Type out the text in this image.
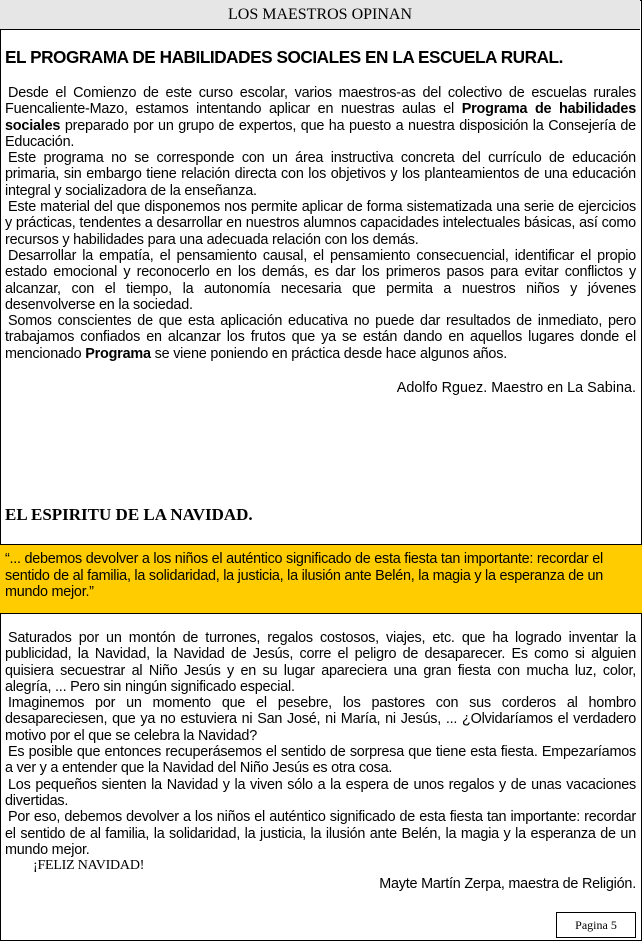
LOS MAESTROS OPINAN
EL PROGRAMA DE HABILIDADES SOCIALES EN LA ESCUELA RURAL.

Desde el Comienzo de este curso escolar, varios maestros-as del colectivo de escuelas rurales Fuencaliente-Mazo, estamos intentando aplicar en nuestras aulas el Programa de habilidades sociales preparado por un grupo de expertos, que ha puesto a nuestra disposición la Consejería de Educación.

Este programa no se corresponde con un área instructiva concreta del currículo de educación primaria, sin embargo tiene relación directa con los objetivos y los planteamientos de una educación integral y socializadora de la enseñanza.

Este material del que disponemos nos permite aplicar de forma sistematizada una serie de ejercicios y prácticas, tendentes a desarrollar en nuestros alumnos capacidades intelectuales básicas, así como recursos y habilidades para una adecuada relación con los demás.

Desarrollar la empatía, el pensamiento causal, el pensamiento consecuencial, identificar el propio estado emocional y reconocerlo en los demás, es dar los primeros pasos para evitar conflictos y alcanzar, con el tiempo, la autonomía necesaria que permita a nuestros niños y jóvenes desenvolverse en la sociedad.

Somos conscientes de que esta aplicación educativa no puede dar resultados de inmediato, pero trabajamos confiados en alcanzar los frutos que ya se están dando en aquellos lugares donde el mencionado Programa se viene poniendo en práctica desde hace algunos años.

Adolfo Rguez. Maestro en La Sabina.
EL ESPIRITU DE LA NAVIDAD.
“... debemos devolver a los niños el auténtico significado de esta fiesta tan importante: recordar el sentido de al familia, la solidaridad, la justicia, la ilusión ante Belén, la magia y la esperanza de un mundo mejor.”

Saturados por un montón de turrones, regalos costosos, viajes, etc. que ha logrado inventar la publicidad, la Navidad, la Navidad de Jesús, corre el peligro de desaparecer. Es como si alguien quisiera secuestrar al Niño Jesús y en su lugar apareciera una gran fiesta con mucha luz, color, alegría, ... Pero sin ningún significado especial.

Imaginemos por un momento que el pesebre, los pastores con sus corderos al hombro desapareciesen, que ya no estuviera ni San José, ni María, ni Jesús, ... ¿Olvidaríamos el verdadero motivo por el que se celebra la Navidad?

Es posible que entonces recuperásemos el sentido de sorpresa que tiene esta fiesta. Empezaríamos a ver y a entender que la Navidad del Niño Jesús es otra cosa.

Los pequeños sienten la Navidad y la viven sólo a la espera de unos regalos y de unas vacaciones divertidas.

Por eso, debemos devolver a los niños el auténtico significado de esta fiesta tan importante: recordar el sentido de al familia, la solidaridad, la justicia, la ilusión ante Belén, la magia y la esperanza de un mundo mejor.

¡FELIZ NAVIDAD!
Mayte Martín Zerpa, maestra de Religión.
Pagina 5
